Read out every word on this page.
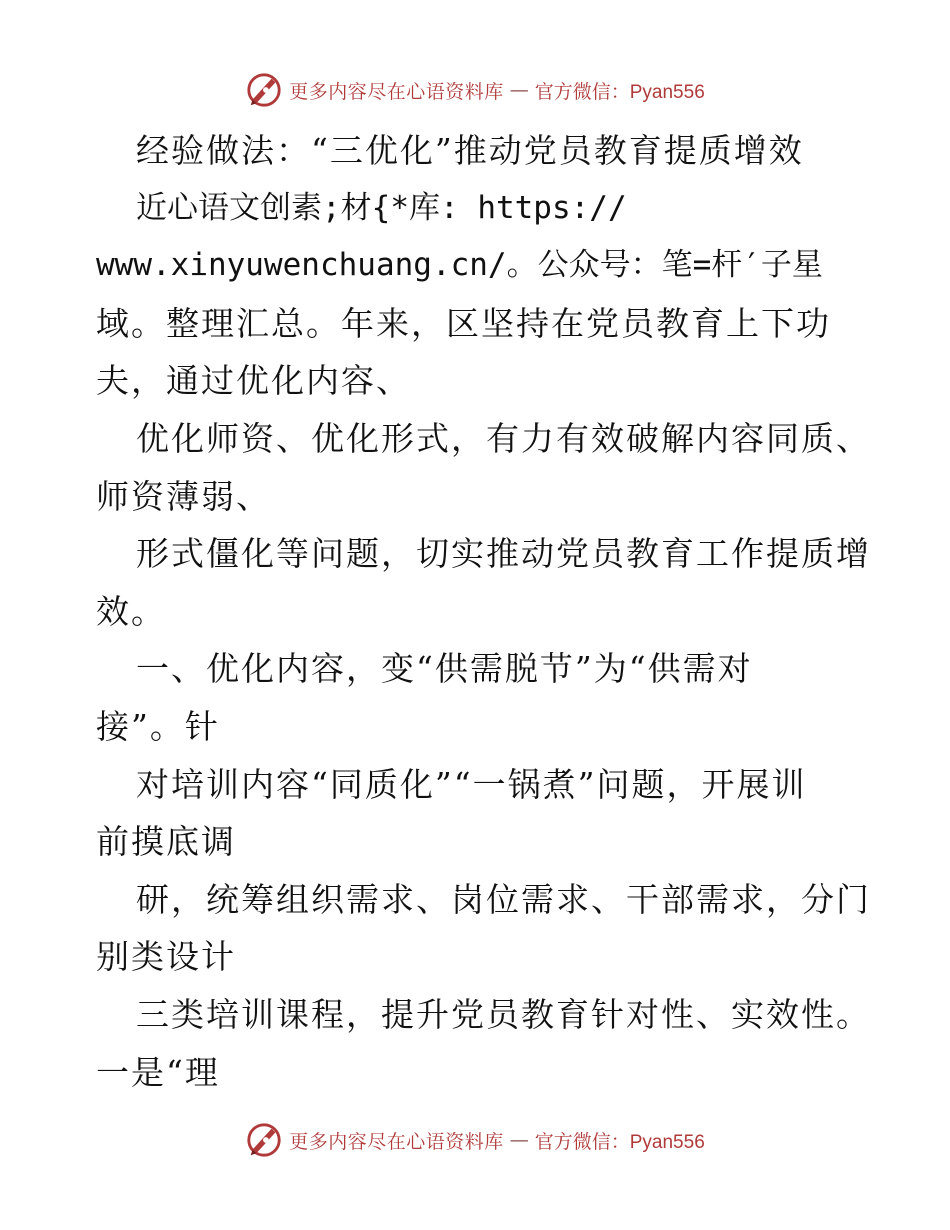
更多内容尽在心语资料库 — 官方微信：Pyan556
经验做法：“三优化”推动党员教育提质增效
近心语文创素;材{*库: https://
www.xinyuwenchuang.cn/。公众号：笔=杆′子星
域。整理汇总。年来，区坚持在党员教育上下功
夫，通过优化内容、
优化师资、优化形式，有力有效破解内容同质、
师资薄弱、
形式僵化等问题，切实推动党员教育工作提质增
效。
一、优化内容，变“供需脱节”为“供需对
接”。针
对培训内容“同质化”“一锅煮”问题，开展训
前摸底调
研，统筹组织需求、岗位需求、干部需求，分门
别类设计
三类培训课程，提升党员教育针对性、实效性。
一是“理
更多内容尽在心语资料库 — 官方微信：Pyan556
